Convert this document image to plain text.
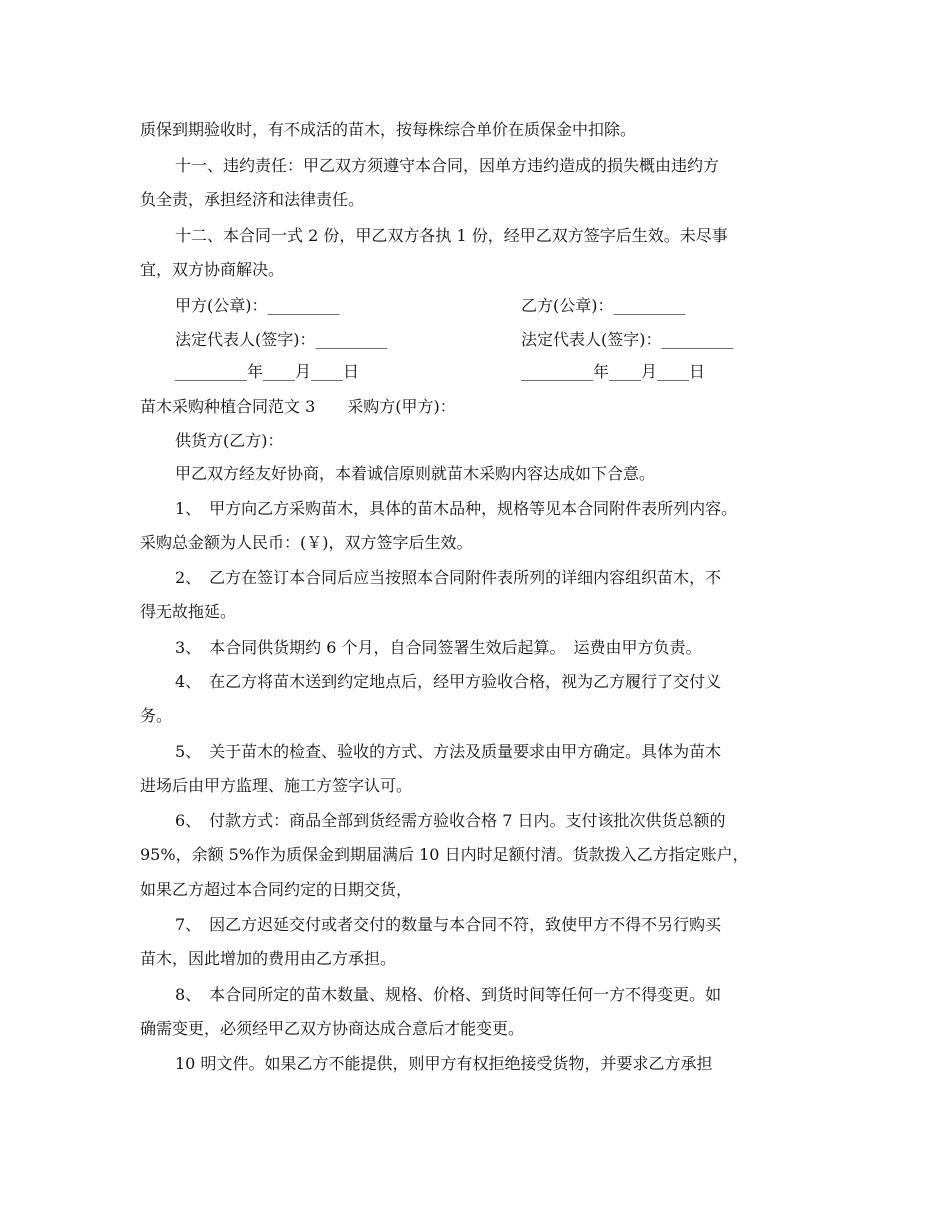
质保到期验收时，有不成活的苗木，按每株综合单价在质保金中扣除。
十一、违约责任：甲乙双方须遵守本合同，因单方违约造成的损失概由违约方
负全责，承担经济和法律责任。
十二、本合同一式 2 份，甲乙双方各执 1 份，经甲乙双方签字后生效。未尽事
宜，双方协商解决。
甲方(公章)：_________	乙方(公章)：_________
法定代表人(签字)：_________	法定代表人(签字)：_________
_________年____月____日	_________年____月____日
苗木采购种植合同范文 3　　采购方(甲方)：
供货方(乙方)：
甲乙双方经友好协商，本着诚信原则就苗木采购内容达成如下合意。
1、　甲方向乙方采购苗木，具体的苗木品种，规格等见本合同附件表所列内容。
采购总金额为人民币：(￥)，双方签字后生效。
2、　乙方在签订本合同后应当按照本合同附件表所列的详细内容组织苗木，不
得无故拖延。
3、　本合同供货期约 6 个月，自合同签署生效后起算。　运费由甲方负责。
4、　在乙方将苗木送到约定地点后，经甲方验收合格，视为乙方履行了交付义
务。
5、　关于苗木的检查、验收的方式、方法及质量要求由甲方确定。具体为苗木
进场后由甲方监理、施工方签字认可。
6、　付款方式：商品全部到货经需方验收合格 7 日内。支付该批次供货总额的
95%，余额 5%作为质保金到期届满后 10 日内时足额付清。货款拨入乙方指定账户，
如果乙方超过本合同约定的日期交货，
7、　因乙方迟延交付或者交付的数量与本合同不符，致使甲方不得不另行购买
苗木，因此增加的费用由乙方承担。
8、　本合同所定的苗木数量、规格、价格、到货时间等任何一方不得变更。如
确需变更，必须经甲乙双方协商达成合意后才能变更。
10 明文件。如果乙方不能提供，则甲方有权拒绝接受货物，并要求乙方承担
